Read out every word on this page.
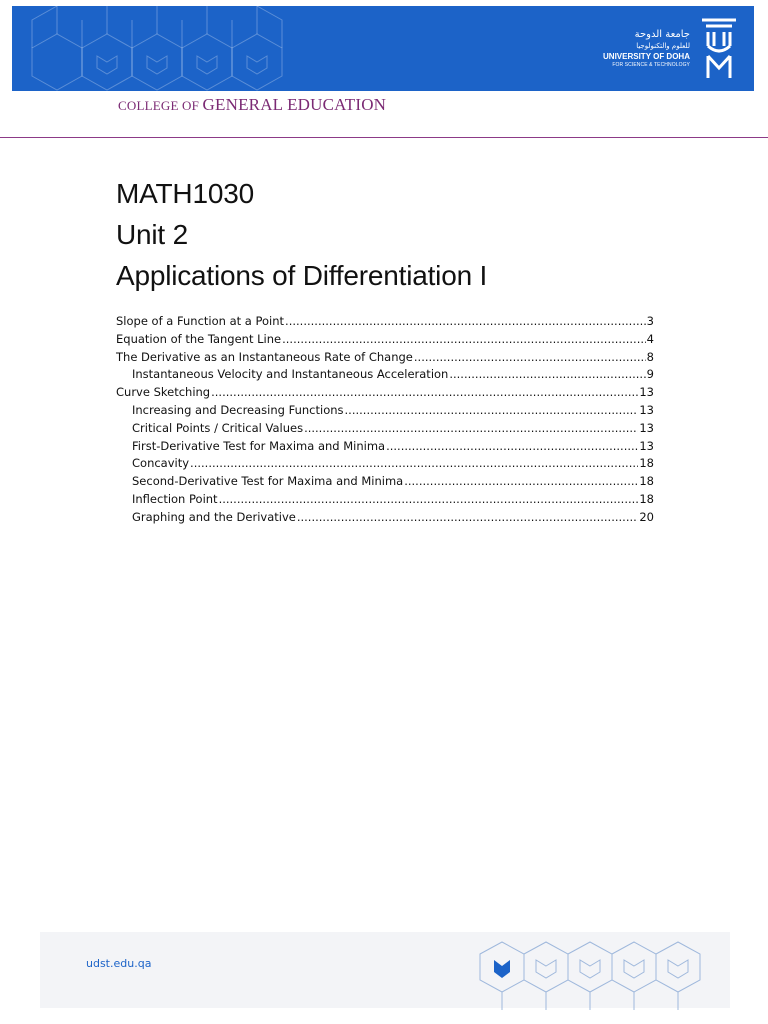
جامعة الدوحة
للعلوم والتكنولوجيا
UNIVERSITY OF DOHA
FOR SCIENCE & TECHNOLOGY
COLLEGE OF GENERAL EDUCATION
MATH1030
Unit 2
Applications of Differentiation I
Slope of a Function at a Point .....	3
Equation of the Tangent Line .....	4
The Derivative as an Instantaneous Rate of Change .....	8
Instantaneous Velocity and Instantaneous Acceleration .....	9
Curve Sketching .....	13
Increasing and Decreasing Functions .....	13
Critical Points / Critical Values .....	13
First-Derivative Test for Maxima and Minima .....	13
Concavity .....	18
Second-Derivative Test for Maxima and Minima .....	18
Inflection Point .....	18
Graphing and the Derivative .....	20
udst.edu.qa
